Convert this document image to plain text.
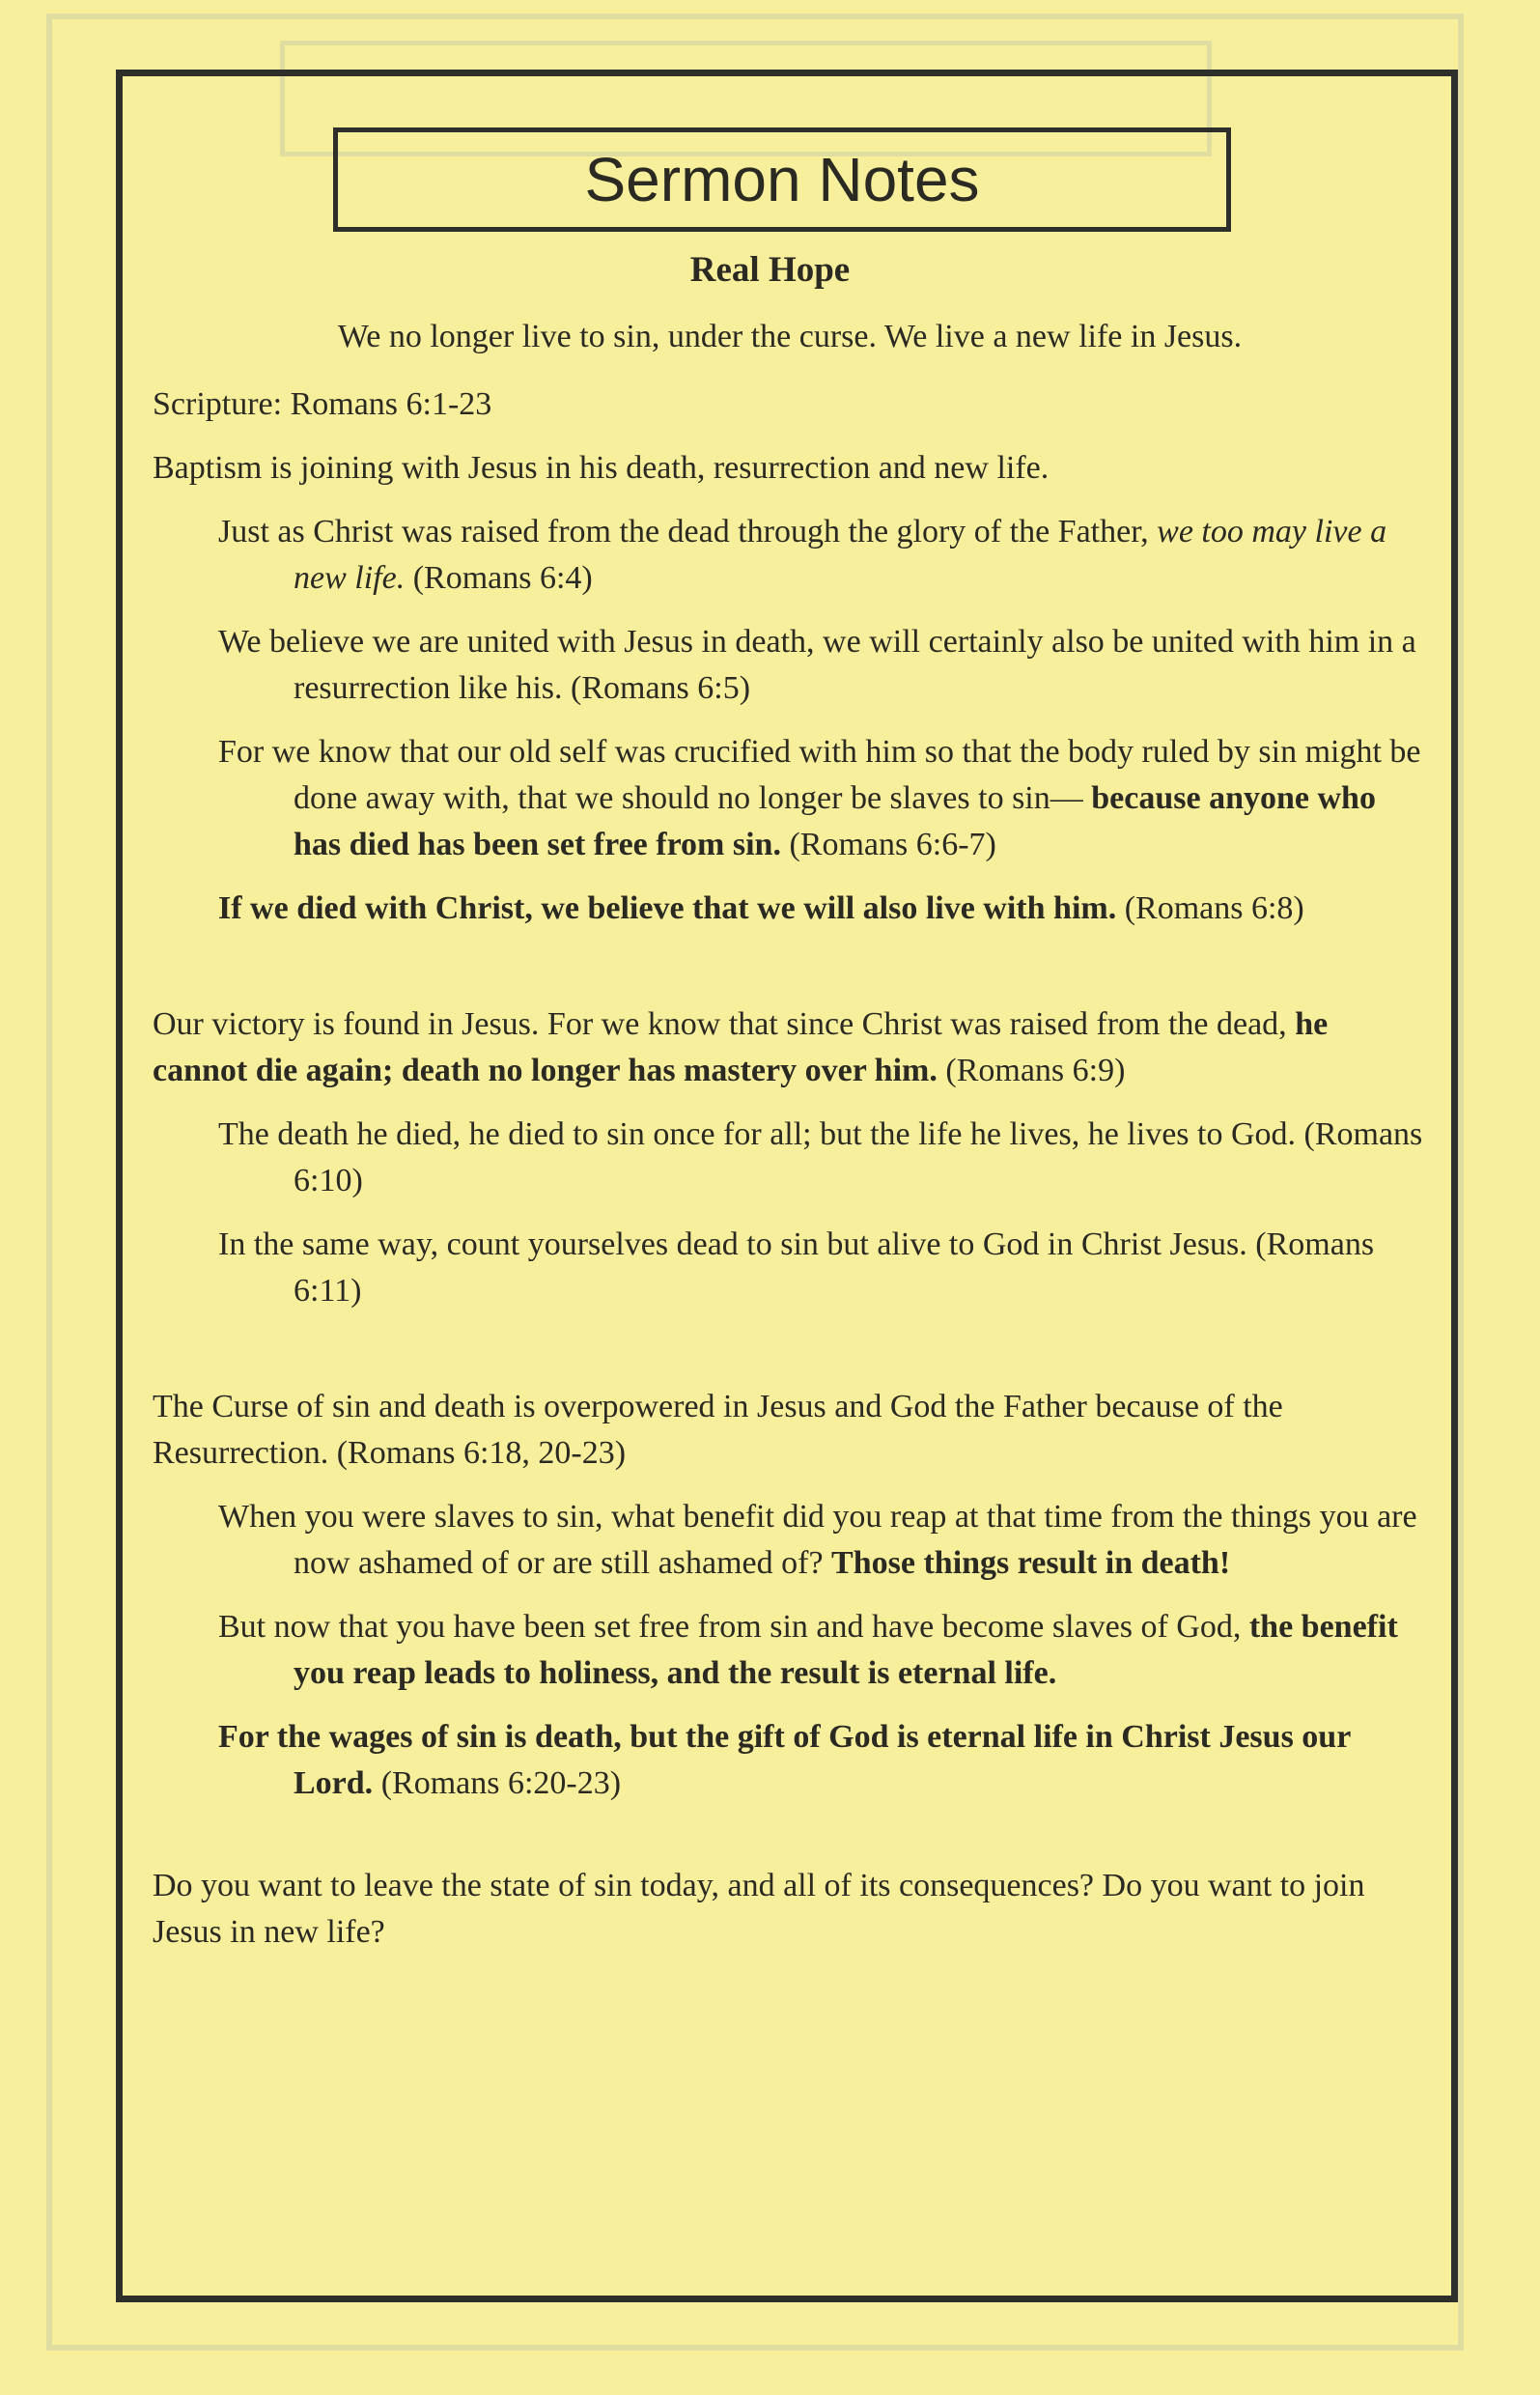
Sermon Notes
Real Hope

We no longer live to sin, under the curse. We live a new life in Jesus.

Scripture: Romans 6:1-23

Baptism is joining with Jesus in his death, resurrection and new life.

Just as Christ was raised from the dead through the glory of the Father, we too may live a new life. (Romans 6:4)

We believe we are united with Jesus in death, we will certainly also be united with him in a resurrection like his. (Romans 6:5)

For we know that our old self was crucified with him so that the body ruled by sin might be done away with, that we should no longer be slaves to sin— because anyone who has died has been set free from sin. (Romans 6:6-7)

If we died with Christ, we believe that we will also live with him. (Romans 6:8)

Our victory is found in Jesus. For we know that since Christ was raised from the dead, he cannot die again; death no longer has mastery over him. (Romans 6:9)

The death he died, he died to sin once for all; but the life he lives, he lives to God. (Romans 6:10)

In the same way, count yourselves dead to sin but alive to God in Christ Jesus. (Romans 6:11)

The Curse of sin and death is overpowered in Jesus and God the Father because of the Resurrection. (Romans 6:18, 20-23)

When you were slaves to sin, what benefit did you reap at that time from the things you are now ashamed of or are still ashamed of? Those things result in death!

But now that you have been set free from sin and have become slaves of God, the benefit you reap leads to holiness, and the result is eternal life.

For the wages of sin is death, but the gift of God is eternal life in Christ Jesus our Lord. (Romans 6:20-23)

Do you want to leave the state of sin today, and all of its consequences? Do you want to join Jesus in new life?
